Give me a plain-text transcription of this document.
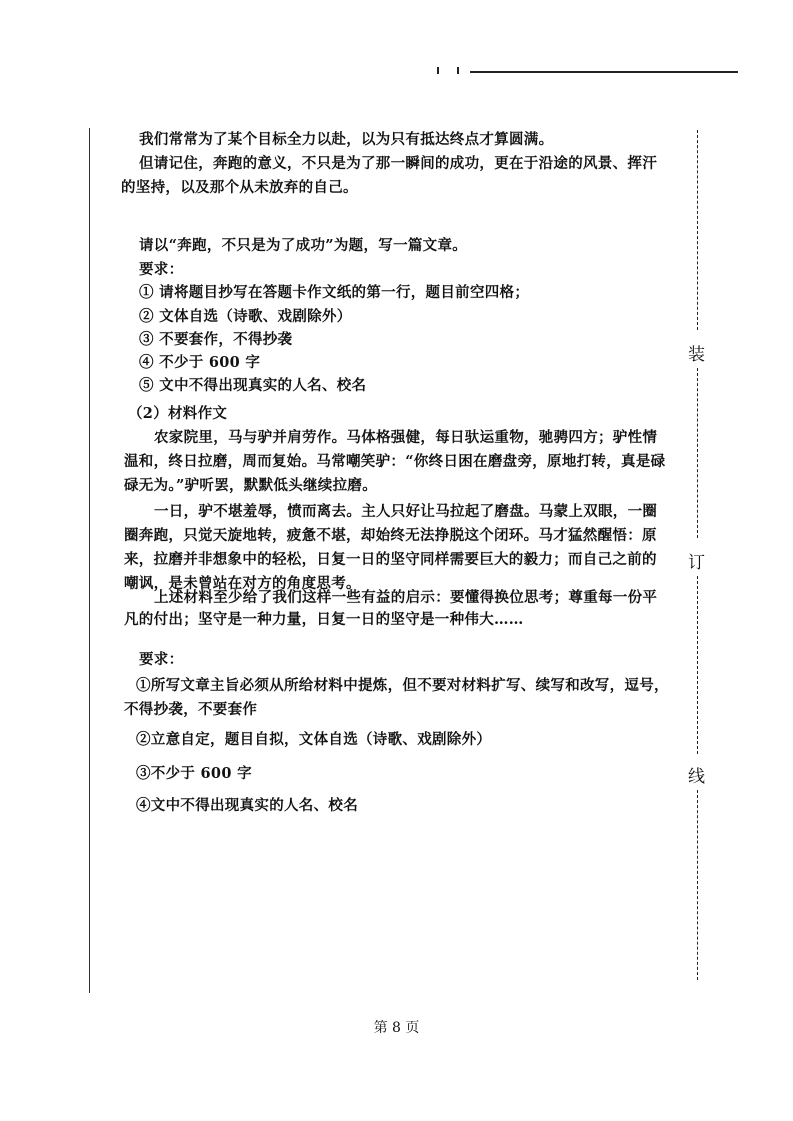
装
订
线
我们常常为了某个目标全力以赴，以为只有抵达终点才算圆满。
但请记住，奔跑的意义，不只是为了那一瞬间的成功，更在于沿途的风景、挥汗
的坚持，以及那个从未放弃的自己。
请以“奔跑，不只是为了成功”为题，写一篇文章。
要求：
① 请将题目抄写在答题卡作文纸的第一行，题目前空四格；
② 文体自选（诗歌、戏剧除外）
③ 不要套作，不得抄袭
④ 不少于 600 字
⑤ 文中不得出现真实的人名、校名
（2）材料作文
农家院里，马与驴并肩劳作。马体格强健，每日驮运重物，驰骋四方；驴性情
温和，终日拉磨，周而复始。马常嘲笑驴：“你终日困在磨盘旁，原地打转，真是碌
碌无为。”驴听罢，默默低头继续拉磨。
一日，驴不堪羞辱，愤而离去。主人只好让马拉起了磨盘。马蒙上双眼，一圈
圈奔跑，只觉天旋地转，疲惫不堪，却始终无法挣脱这个闭环。马才猛然醒悟：原
来，拉磨并非想象中的轻松，日复一日的坚守同样需要巨大的毅力；而自己之前的
嘲讽，是未曾站在对方的角度思考。
上述材料至少给了我们这样一些有益的启示：要懂得换位思考；尊重每一份平
凡的付出；坚守是一种力量，日复一日的坚守是一种伟大……
要求：
①所写文章主旨必须从所给材料中提炼，但不要对材料扩写、续写和改写，逗号，
不得抄袭，不要套作
②立意自定，题目自拟，文体自选（诗歌、戏剧除外）
③不少于 600 字
④文中不得出现真实的人名、校名
第 8 页
